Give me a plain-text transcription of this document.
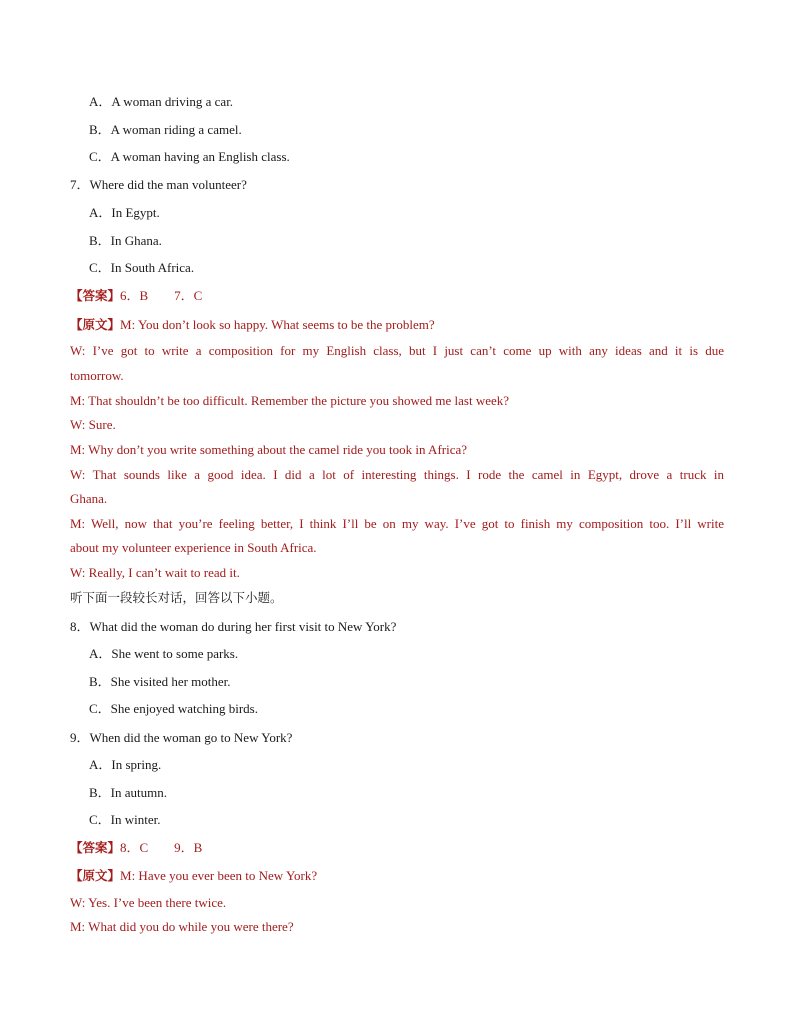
A．A woman driving a car.
B．A woman riding a camel.
C．A woman having an English class.
7．Where did the man volunteer?
A．In Egypt.
B．In Ghana.
C．In South Africa.
【答案】6．B        7．C
【原文】M: You don’t look so happy. What seems to be the problem?
W: I’ve got to write a composition for my English class, but I just can’t come up with any ideas and it is due
tomorrow.
M: That shouldn’t be too difficult. Remember the picture you showed me last week?
W: Sure.
M: Why don’t you write something about the camel ride you took in Africa?
W: That sounds like a good idea. I did a lot of interesting things. I rode the camel in Egypt, drove a truck in
Ghana.
M: Well, now that you’re feeling better, I think I’ll be on my way. I’ve got to finish my composition too. I’ll write
about my volunteer experience in South Africa.
W: Really, I can’t wait to read it.
听下面一段较长对话，回答以下小题。
8．What did the woman do during her first visit to New York?
A．She went to some parks.
B．She visited her mother.
C．She enjoyed watching birds.
9．When did the woman go to New York?
A．In spring.
B．In autumn.
C．In winter.
【答案】8．C        9．B
【原文】M: Have you ever been to New York?
W: Yes. I’ve been there twice.
M: What did you do while you were there?
